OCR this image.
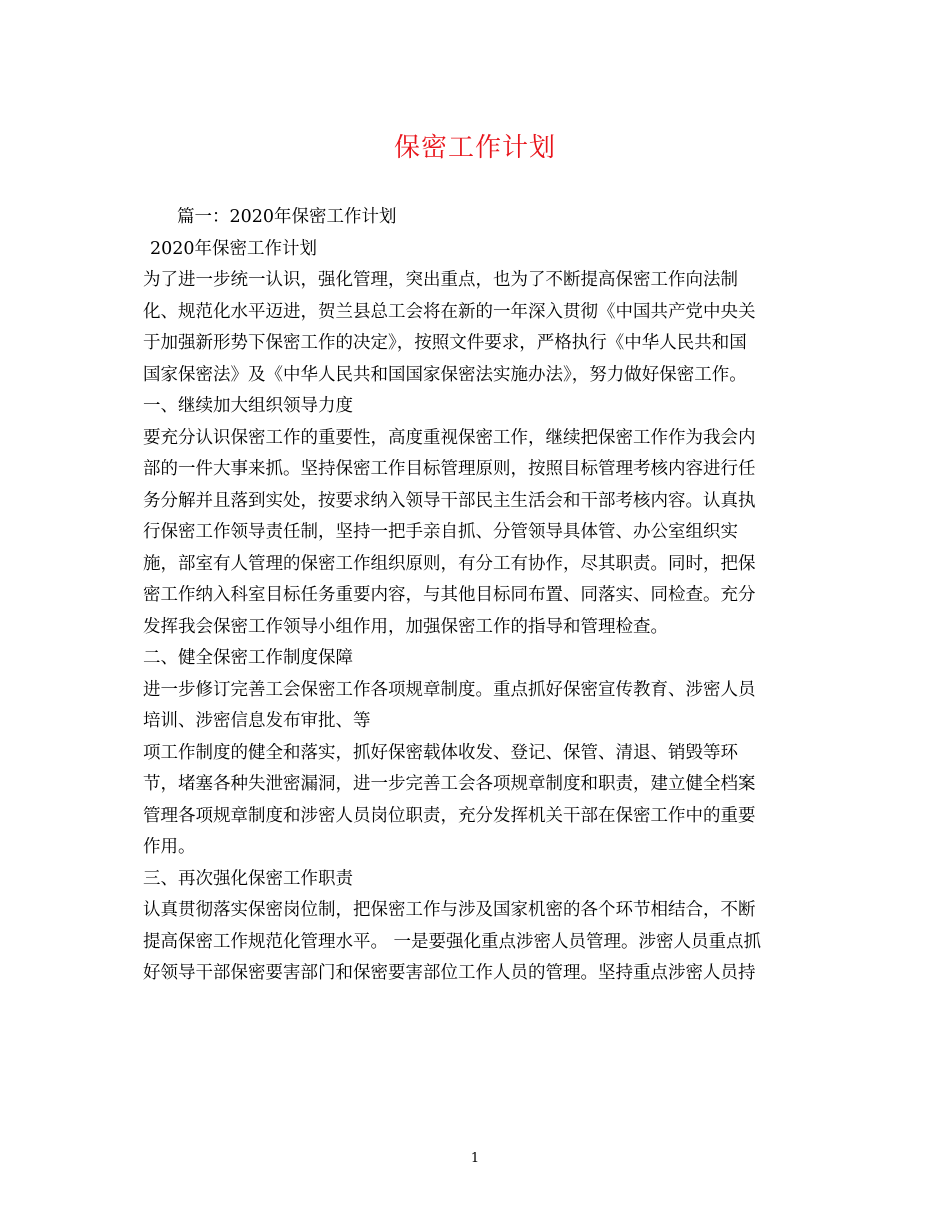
保密工作计划
篇一：2020年保密工作计划
2020年保密工作计划
为了进一步统一认识，强化管理，突出重点，也为了不断提高保密工作向法制
化、规范化水平迈进，贺兰县总工会将在新的一年深入贯彻《中国共产党中央关
于加强新形势下保密工作的决定》，按照文件要求，严格执行《中华人民共和国
国家保密法》及《中华人民共和国国家保密法实施办法》，努力做好保密工作。
一、继续加大组织领导力度
要充分认识保密工作的重要性，高度重视保密工作，继续把保密工作作为我会内
部的一件大事来抓。坚持保密工作目标管理原则，按照目标管理考核内容进行任
务分解并且落到实处，按要求纳入领导干部民主生活会和干部考核内容。认真执
行保密工作领导责任制，坚持一把手亲自抓、分管领导具体管、办公室组织实
施，部室有人管理的保密工作组织原则，有分工有协作，尽其职责。同时，把保
密工作纳入科室目标任务重要内容，与其他目标同布置、同落实、同检查。充分
发挥我会保密工作领导小组作用，加强保密工作的指导和管理检查。
二、健全保密工作制度保障
进一步修订完善工会保密工作各项规章制度。重点抓好保密宣传教育、涉密人员
培训、涉密信息发布审批、等
项工作制度的健全和落实，抓好保密载体收发、登记、保管、清退、销毁等环
节，堵塞各种失泄密漏洞，进一步完善工会各项规章制度和职责，建立健全档案
管理各项规章制度和涉密人员岗位职责，充分发挥机关干部在保密工作中的重要
作用。
三、再次强化保密工作职责
认真贯彻落实保密岗位制，把保密工作与涉及国家机密的各个环节相结合，不断
提高保密工作规范化管理水平。 一是要强化重点涉密人员管理。涉密人员重点抓
好领导干部保密要害部门和保密要害部位工作人员的管理。坚持重点涉密人员持
1
